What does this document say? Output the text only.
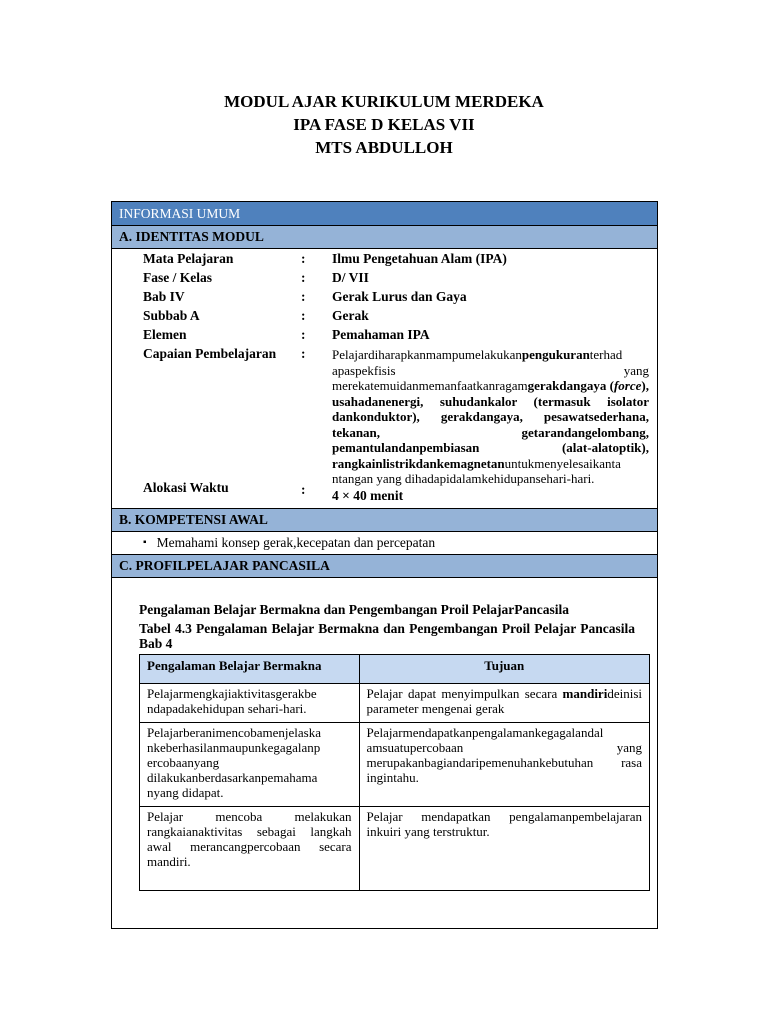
MODUL AJAR KURIKULUM MERDEKA
IPA FASE D KELAS VII
MTS ABDULLOH
INFORMASI UMUM
A. IDENTITAS MODUL
Mata Pelajaran	: Ilmu Pengetahuan Alam (IPA)
Fase / Kelas	: D/ VII
Bab IV	: Gerak Lurus dan Gaya
Subbab A	: Gerak
Elemen	: Pemahaman IPA
Capaian Pembelajaran : Pelajardiharapkanmampumelakukanpengukuranterhad apaspekfisis yang merekatemuidanmemanfaatkanragamgerakdangaya (force), usahadanenergi, suhudankalor (termasuk isolator dankonduktor), gerakdangaya, pesawatsederhana, tekanan, getarandangelombang, pemantulandanpembiasan (alat-alatoptik), rangkainlistrikdankemagnetanuntukmenyelesaikanta ntangan yang dihadapidalamkehidupansehari-hari.
Alokasi Waktu	: 4 × 40 menit
B. KOMPETENSI AWAL
▪ Memahami konsep gerak,kecepatan dan percepatan
C. PROFILPELAJAR PANCASILA
Pengalaman Belajar Bermakna dan Pengembangan Proil PelajarPancasila
Tabel 4.3 Pengalaman Belajar Bermakna dan Pengembangan Proil Pelajar Pancasila Bab 4
Pengalaman Belajar Bermakna	Tujuan
Pelajarmengkajiaktivitasgerakbe ndapadakehidupan sehari-hari.	Pelajar dapat menyimpulkan secara mandirideinisi parameter mengenai gerak
Pelajarberanimencobamenjelaska nkeberhasilanmaupunkegagalanp ercobaanyang dilakukanberdasarkanpemahama nyang didapat.	Pelajarmendapatkanpengalamankegagalandal amsuatupercobaan yang merupakanbagiandaripemenuhankebutuhan rasa ingintahu.
Pelajar mencoba melakukan rangkaianaktivitas sebagai langkah awal merancangpercobaan secara mandiri.	Pelajar mendapatkan pengalamanpembelajaran inkuiri yang terstruktur.
